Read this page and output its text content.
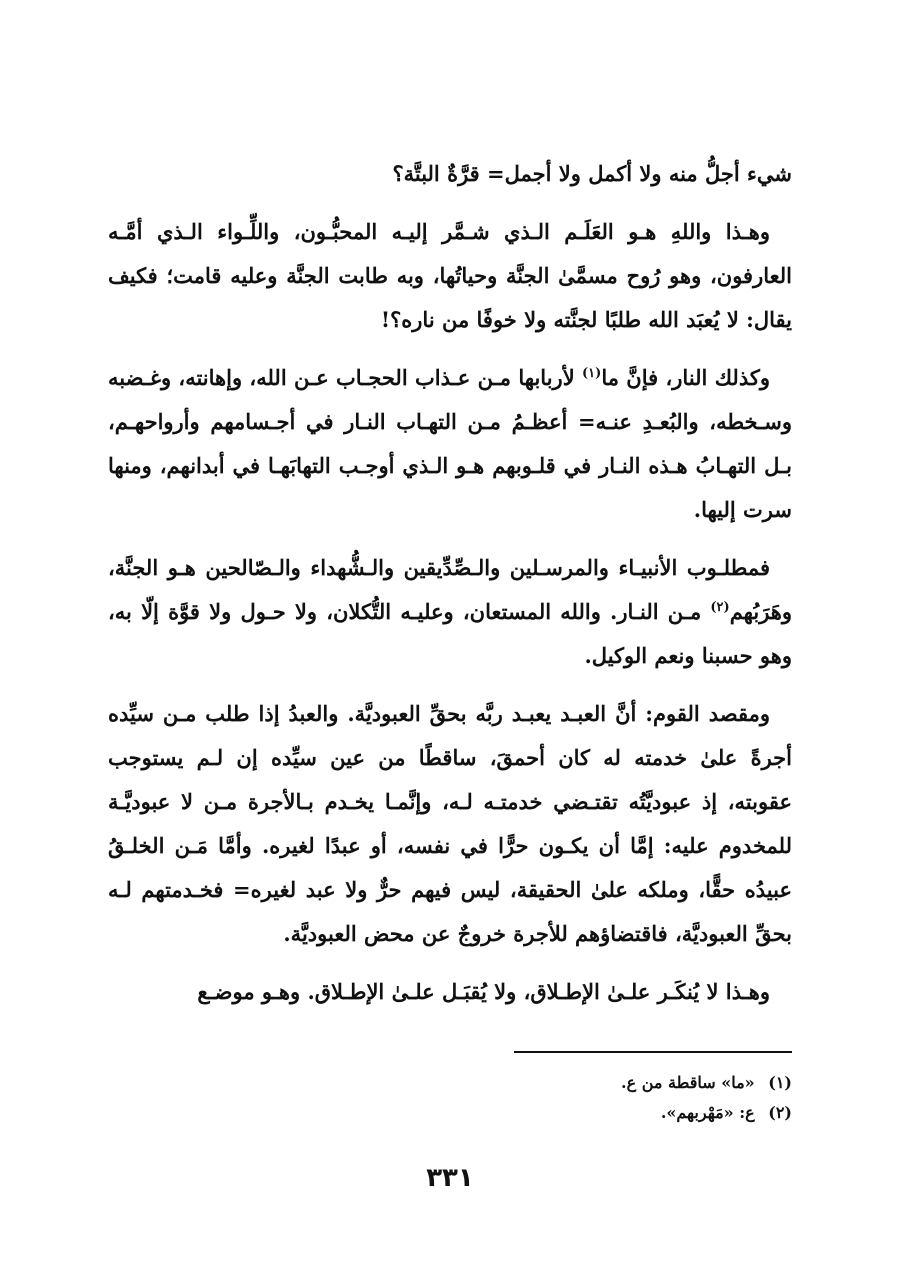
شيء أجلُّ منه ولا أكمل ولا أجمل= قرَّةٌ البتَّة؟

وهـذا واللهِ هـو العَلَـم الـذي شـمَّر إليـه المحبُّـون، واللِّـواء الـذي أمَّـه العارفون، وهو رُوح مسمَّىٰ الجنَّة وحياتُها، وبه طابت الجنَّة وعليه قامت؛ فكيف يقال: لا يُعبَد الله طلبًا لجنَّته ولا خوفًا من ناره؟!

وكذلك النار، فإنَّ ما$^{(١)}$ لأربابها مـن عـذاب الحجـاب عـن الله، وإهانته، وغـضبه وسـخطه، والبُعـدِ عنـه= أعظـمُ مـن التهـاب النـار في أجـسامهم وأرواحهـم، بـل التهـابُ هـذه النـار في قلـوبهم هـو الـذي أوجـب التهابَهـا في أبدانهم، ومنها سرت إليها.

فمطلـوب الأنبيـاء والمرسـلين والـصِّدِّيقين والـشُّهداء والـصّالحين هـو الجنَّة، وهَرَبُهم$^{(٢)}$ مـن النـار. والله المستعان، وعليـه التُّكلان، ولا حـول ولا قوَّة إلّا به، وهو حسبنا ونعم الوكيل.

ومقصد القوم: أنَّ العبـد يعبـد ربَّه بحقِّ العبوديَّة. والعبدُ إذا طلب مـن سيِّده أجرةً علىٰ خدمته له كان أحمقَ، ساقطًا من عين سيِّده إن لـم يستوجب عقوبته، إذ عبوديَّتُه تقتـضي خدمتـه لـه، وإنَّمـا يخـدم بـالأجرة مـن لا عبوديَّـة للمخدوم عليه: إمَّا أن يكـون حرًّا في نفسه، أو عبدًا لغيره. وأمَّا مَـن الخلـقُ عبيدُه حقًّا، وملكه علىٰ الحقيقة، ليس فيهم حرٌّ ولا عبد لغيره= فخـدمتهم لـه بحقِّ العبوديَّة، فاقتضاؤهم للأجرة خروجٌ عن محض العبوديَّة.

وهـذا لا يُنكَـر علـىٰ الإطـلاق، ولا يُقبَـل علـىٰ الإطـلاق. وهـو موضـع

(١) «ما» ساقطة من ع.
(٢) ع: «مَهْربهم».
٣٣١
